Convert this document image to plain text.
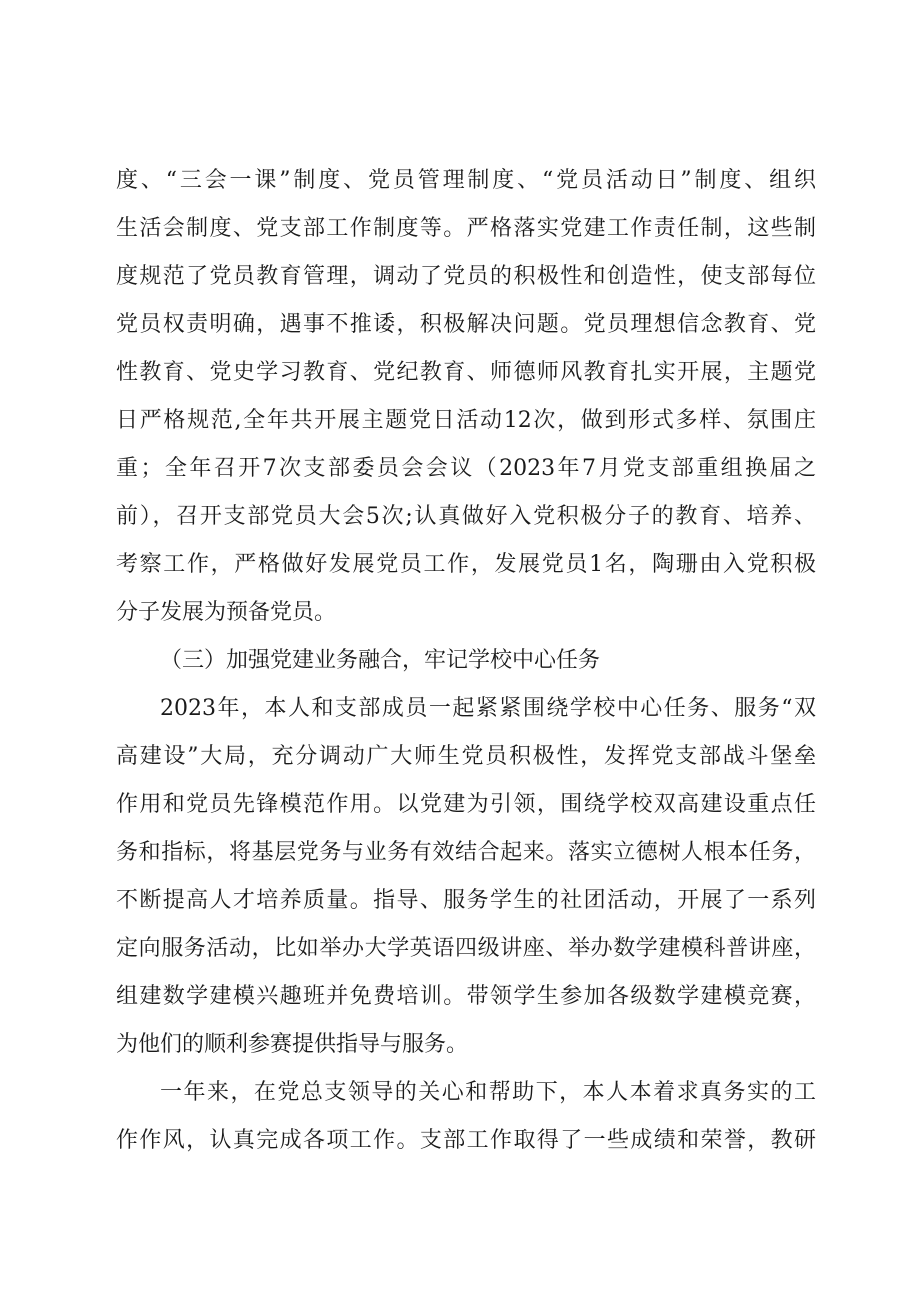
度、“三会一课”制度、党员管理制度、“党员活动日”制度、组织
生活会制度、党支部工作制度等。严格落实党建工作责任制，这些制
度规范了党员教育管理，调动了党员的积极性和创造性，使支部每位
党员权责明确，遇事不推诿，积极解决问题。党员理想信念教育、党
性教育、党史学习教育、党纪教育、师德师风教育扎实开展，主题党
日严格规范,全年共开展主题党日活动12次，做到形式多样、氛围庄
重；全年召开7次支部委员会会议（2023年7月党支部重组换届之
前），召开支部党员大会5次;认真做好入党积极分子的教育、培养、
考察工作，严格做好发展党员工作，发展党员1名，陶珊由入党积极
分子发展为预备党员。
（三）加强党建业务融合，牢记学校中心任务
2023年，本人和支部成员一起紧紧围绕学校中心任务、服务“双
高建设”大局，充分调动广大师生党员积极性，发挥党支部战斗堡垒
作用和党员先锋模范作用。以党建为引领，围绕学校双高建设重点任
务和指标，将基层党务与业务有效结合起来。落实立德树人根本任务，
不断提高人才培养质量。指导、服务学生的社团活动，开展了一系列
定向服务活动，比如举办大学英语四级讲座、举办数学建模科普讲座，
组建数学建模兴趣班并免费培训。带领学生参加各级数学建模竞赛，
为他们的顺利参赛提供指导与服务。
一年来，在党总支领导的关心和帮助下，本人本着求真务实的工
作作风，认真完成各项工作。支部工作取得了一些成绩和荣誉，教研
